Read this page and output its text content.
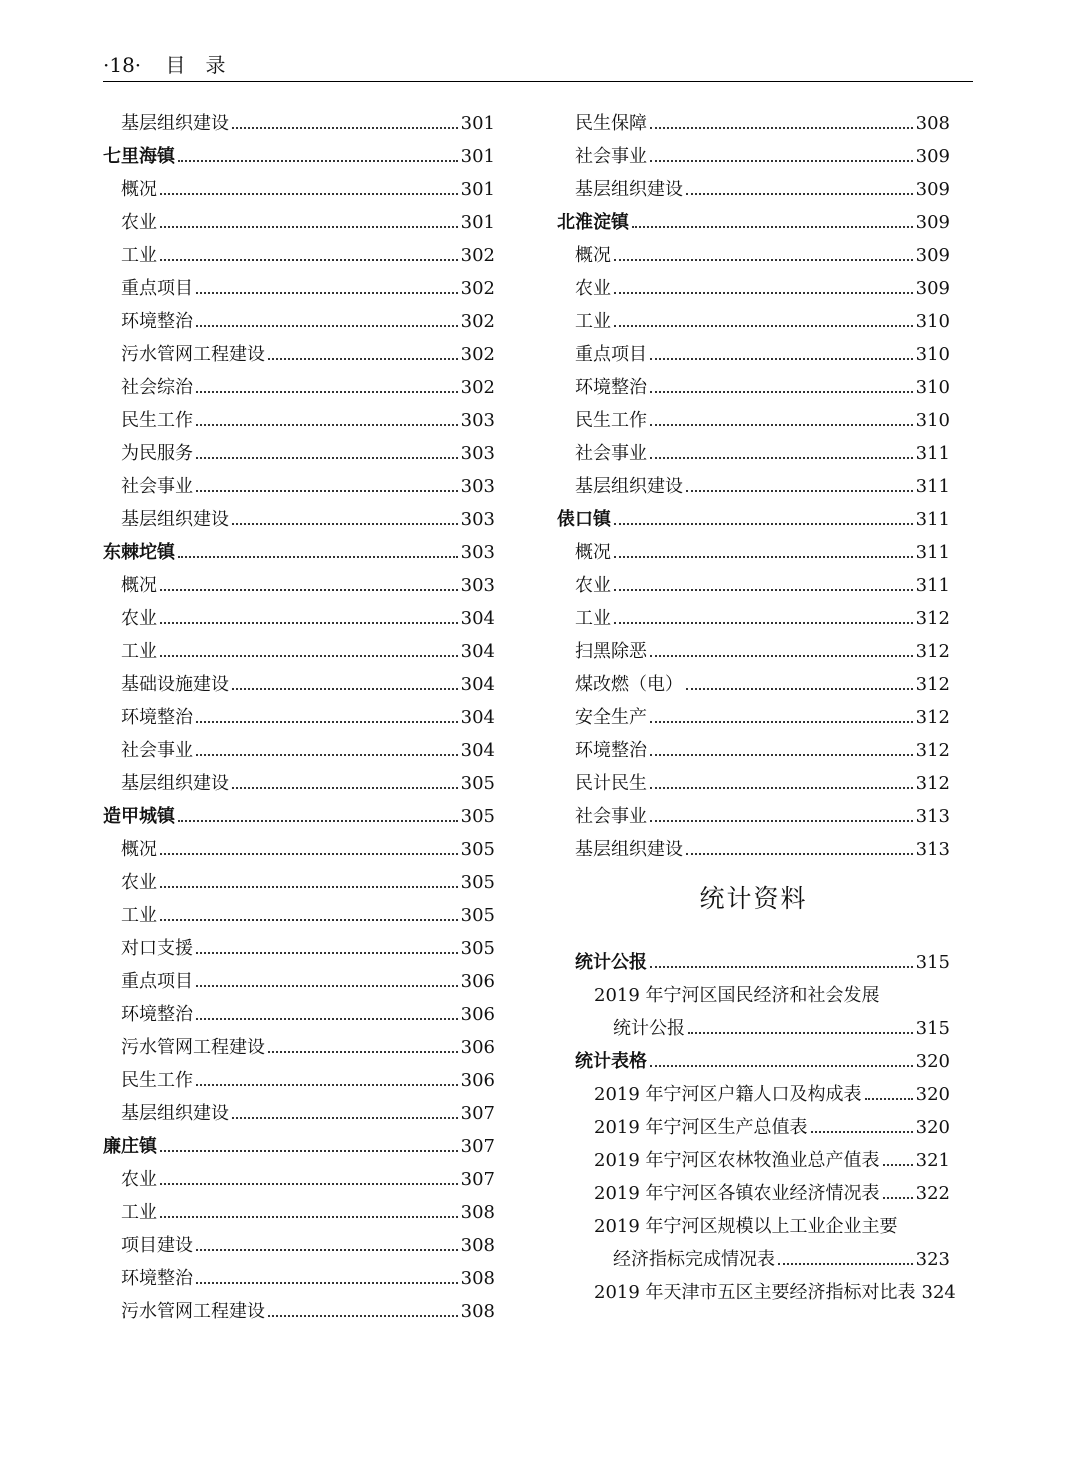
·18· 目录
基层组织建设	301
七里海镇	301
概况	301
农业	301
工业	302
重点项目	302
环境整治	302
污水管网工程建设	302
社会综治	302
民生工作	303
为民服务	303
社会事业	303
基层组织建设	303
东棘坨镇	303
概况	303
农业	304
工业	304
基础设施建设	304
环境整治	304
社会事业	304
基层组织建设	305
造甲城镇	305
概况	305
农业	305
工业	305
对口支援	305
重点项目	306
环境整治	306
污水管网工程建设	306
民生工作	306
基层组织建设	307
廉庄镇	307
农业	307
工业	308
项目建设	308
环境整治	308
污水管网工程建设	308
民生保障	308
社会事业	309
基层组织建设	309
北淮淀镇	309
概况	309
农业	309
工业	310
重点项目	310
环境整治	310
民生工作	310
社会事业	311
基层组织建设	311
俵口镇	311
概况	311
农业	311
工业	312
扫黑除恶	312
煤改燃（电）	312
安全生产	312
环境整治	312
民计民生	312
社会事业	313
基层组织建设	313
统计资料
统计公报	315
2019 年宁河区国民经济和社会发展
统计公报	315
统计表格	320
2019 年宁河区户籍人口及构成表	320
2019 年宁河区生产总值表	320
2019 年宁河区农林牧渔业总产值表 321
2019 年宁河区各镇农业经济情况表 322
2019 年宁河区规模以上工业企业主要
经济指标完成情况表	323
2019 年天津市五区主要经济指标对比表 324
